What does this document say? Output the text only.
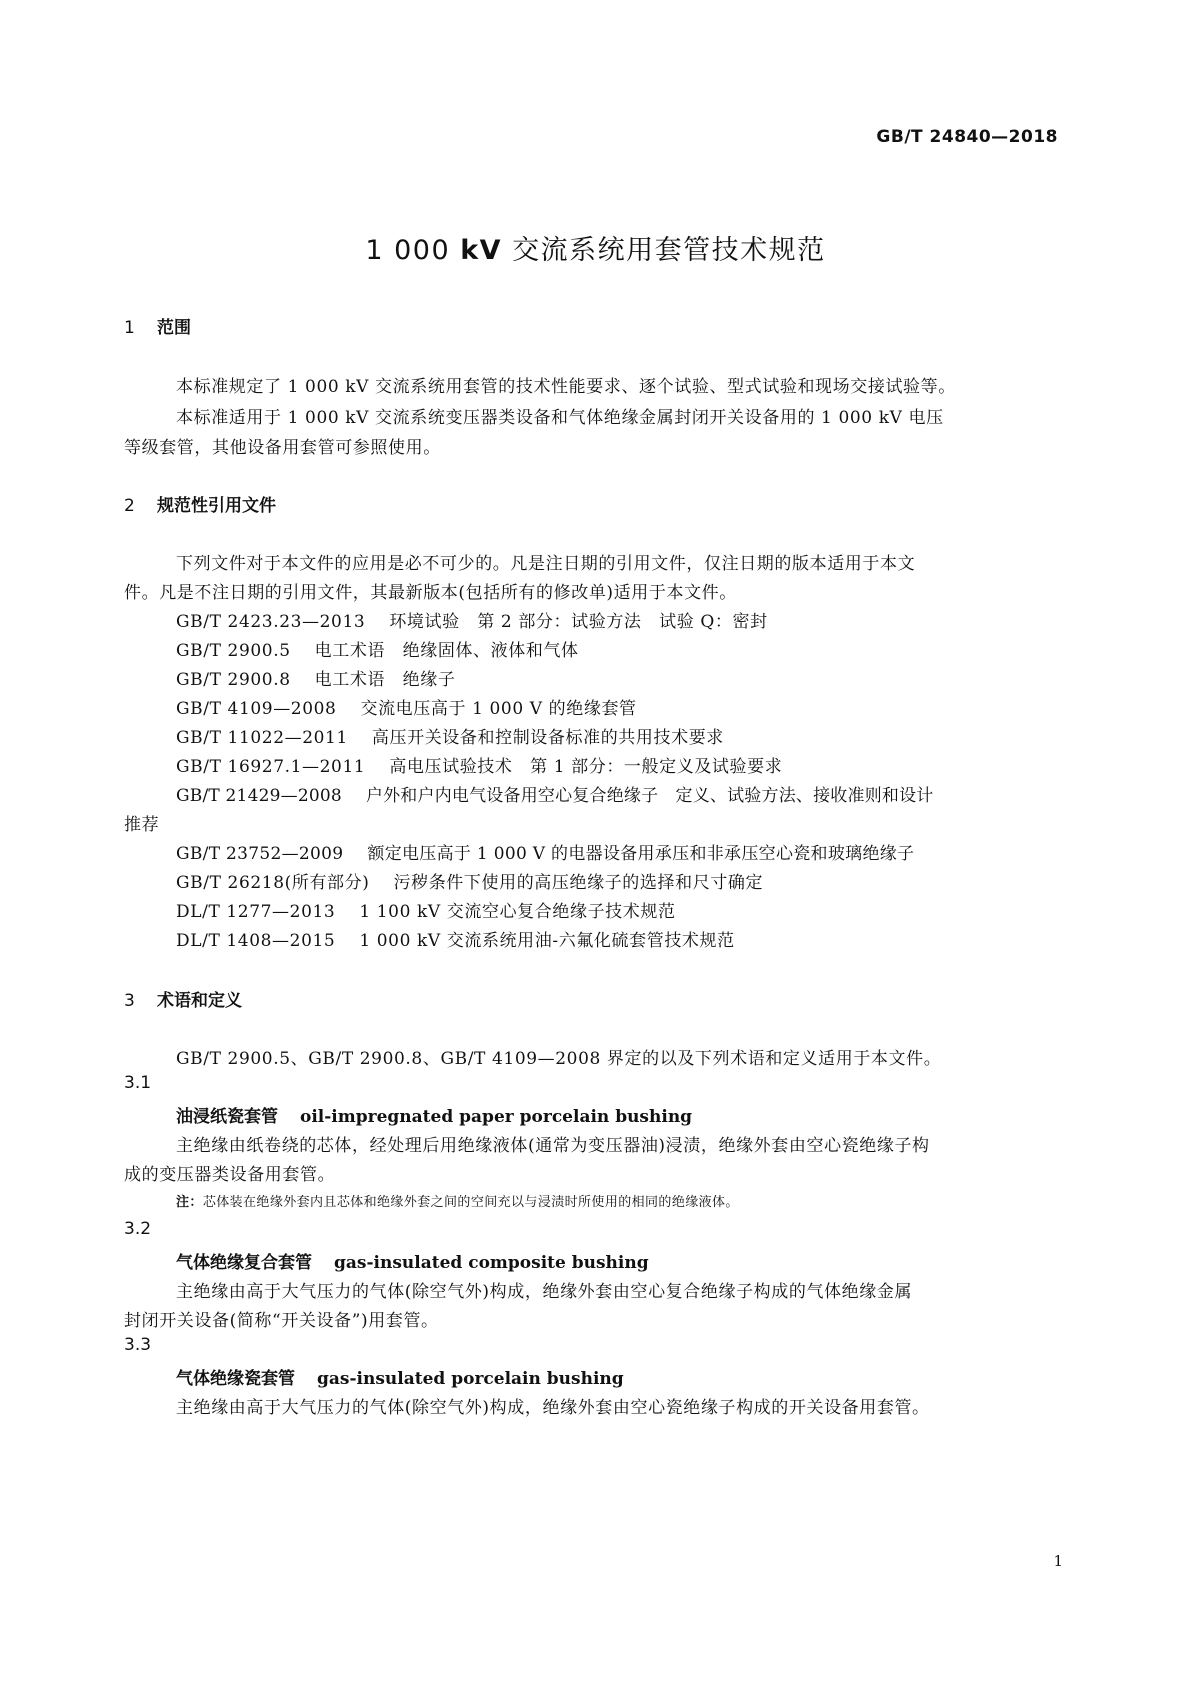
GB/T 24840—2018
1 000 kV 交流系统用套管技术规范
1 范围
本标准规定了 1 000 kV 交流系统用套管的技术性能要求、逐个试验、型式试验和现场交接试验等。
本标准适用于 1 000 kV 交流系统变压器类设备和气体绝缘金属封闭开关设备用的 1 000 kV 电压
等级套管，其他设备用套管可参照使用。
2 规范性引用文件
下列文件对于本文件的应用是必不可少的。凡是注日期的引用文件，仅注日期的版本适用于本文
件。凡是不注日期的引用文件，其最新版本(包括所有的修改单)适用于本文件。
GB/T 2423.23—2013 环境试验　第 2 部分：试验方法　试验 Q：密封
GB/T 2900.5 电工术语　绝缘固体、液体和气体
GB/T 2900.8 电工术语　绝缘子
GB/T 4109—2008 交流电压高于 1 000 V 的绝缘套管
GB/T 11022—2011 高压开关设备和控制设备标准的共用技术要求
GB/T 16927.1—2011 高电压试验技术　第 1 部分：一般定义及试验要求
GB/T 21429—2008 户外和户内电气设备用空心复合绝缘子　定义、试验方法、接收准则和设计
推荐
GB/T 23752—2009 额定电压高于 1 000 V 的电器设备用承压和非承压空心瓷和玻璃绝缘子
GB/T 26218(所有部分) 污秽条件下使用的高压绝缘子的选择和尺寸确定
DL/T 1277—2013 1 100 kV 交流空心复合绝缘子技术规范
DL/T 1408—2015 1 000 kV 交流系统用油-六氟化硫套管技术规范
3 术语和定义
GB/T 2900.5、GB/T 2900.8、GB/T 4109—2008 界定的以及下列术语和定义适用于本文件。
3.1
油浸纸瓷套管 oil-impregnated paper porcelain bushing
主绝缘由纸卷绕的芯体，经处理后用绝缘液体(通常为变压器油)浸渍，绝缘外套由空心瓷绝缘子构
成的变压器类设备用套管。
注：芯体装在绝缘外套内且芯体和绝缘外套之间的空间充以与浸渍时所使用的相同的绝缘液体。
3.2
气体绝缘复合套管 gas-insulated composite bushing
主绝缘由高于大气压力的气体(除空气外)构成，绝缘外套由空心复合绝缘子构成的气体绝缘金属
封闭开关设备(简称“开关设备”)用套管。
3.3
气体绝缘瓷套管 gas-insulated porcelain bushing
主绝缘由高于大气压力的气体(除空气外)构成，绝缘外套由空心瓷绝缘子构成的开关设备用套管。
1
